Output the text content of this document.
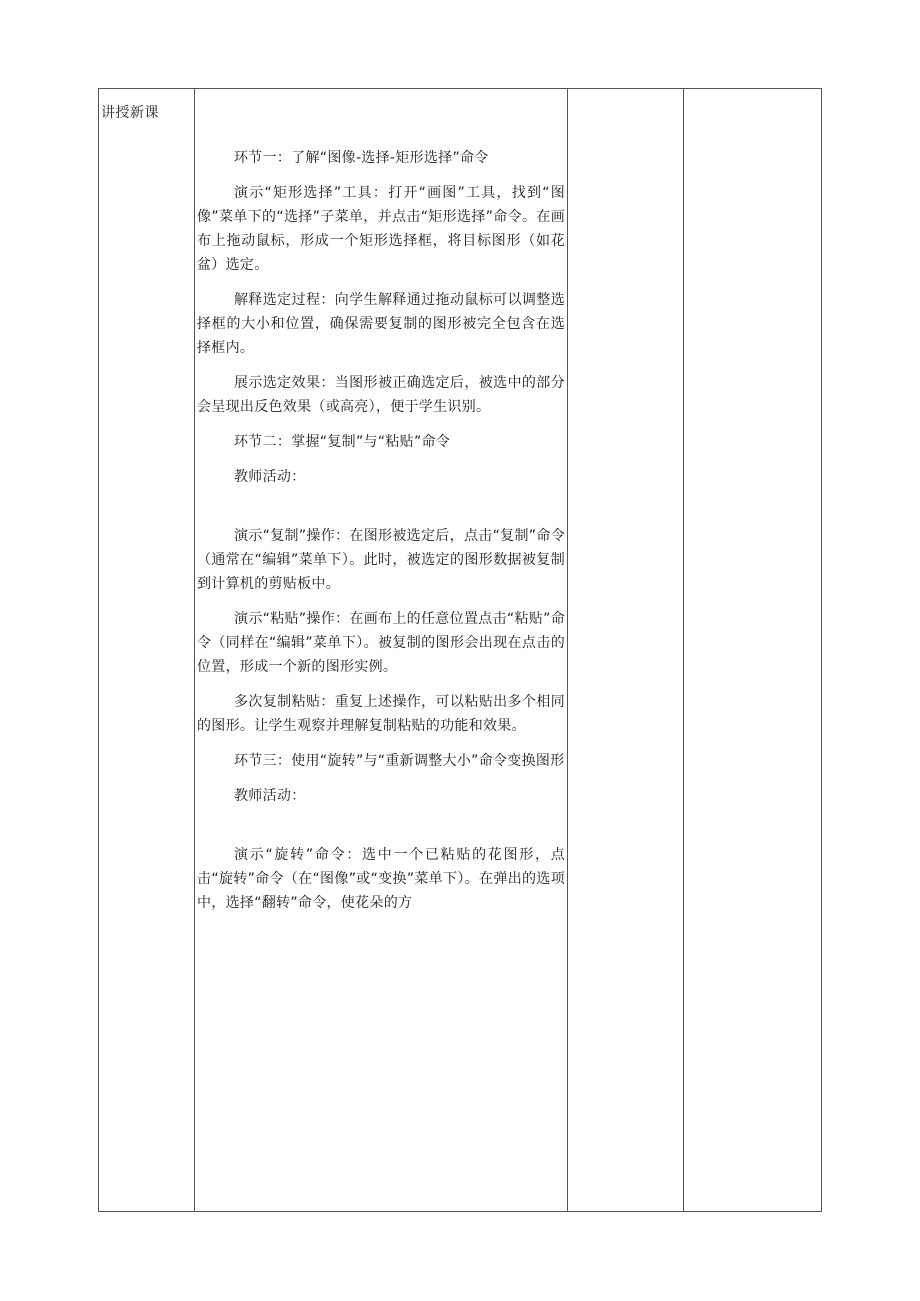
讲授新课

环节一：了解“图像-选择-矩形选择”命令

演示“矩形选择”工具：打开“画图”工具，找到“图像”菜单下的“选择”子菜单，并点击“矩形选择”命令。在画布上拖动鼠标，形成一个矩形选择框，将目标图形（如花盆）选定。

解释选定过程：向学生解释通过拖动鼠标可以调整选择框的大小和位置，确保需要复制的图形被完全包含在选择框内。

展示选定效果：当图形被正确选定后，被选中的部分会呈现出反色效果（或高亮），便于学生识别。

环节二：掌握“复制”与“粘贴”命令

教师活动：

演示“复制”操作：在图形被选定后，点击“复制”命令（通常在“编辑”菜单下）。此时，被选定的图形数据被复制到计算机的剪贴板中。

演示“粘贴”操作：在画布上的任意位置点击“粘贴”命令（同样在“编辑”菜单下）。被复制的图形会出现在点击的位置，形成一个新的图形实例。

多次复制粘贴：重复上述操作，可以粘贴出多个相同的图形。让学生观察并理解复制粘贴的功能和效果。

环节三：使用“旋转”与“重新调整大小”命令变换图形

教师活动：

演示“旋转”命令：选中一个已粘贴的花图形，点击“旋转”命令（在“图像”或“变换”菜单下）。在弹出的选项中，选择“翻转”命令，使花朵的方
